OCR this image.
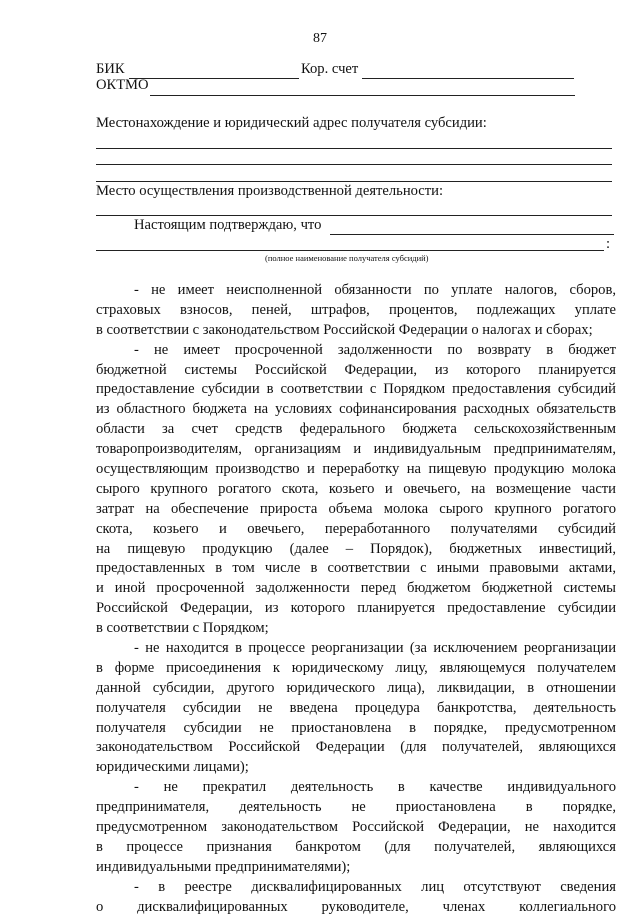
87
БИК	Кор. счет
ОКТМО
Местонахождение и юридический адрес получателя субсидии:
Место осуществления производственной деятельности:
Настоящим подтверждаю, что
:
(полное наименование получателя субсидий)
- не имеет неисполненной обязанности по уплате налогов, сборов,
страховых взносов, пеней, штрафов, процентов, подлежащих уплате
в соответствии с законодательством Российской Федерации о налогах и сборах;
- не имеет просроченной задолженности по возврату в бюджет
бюджетной системы Российской Федерации, из которого планируется
предоставление субсидии в соответствии с Порядком предоставления субсидий
из областного бюджета на условиях софинансирования расходных обязательств
области за счет средств федерального бюджета сельскохозяйственным
товаропроизводителям, организациям и индивидуальным предпринимателям,
осуществляющим производство и переработку на пищевую продукцию молока
сырого крупного рогатого скота, козьего и овечьего, на возмещение части
затрат на обеспечение прироста объема молока сырого крупного рогатого
скота, козьего и овечьего, переработанного получателями субсидий
на пищевую продукцию (далее – Порядок), бюджетных инвестиций,
предоставленных в том числе в соответствии с иными правовыми актами,
и иной просроченной задолженности перед бюджетом бюджетной системы
Российской Федерации, из которого планируется предоставление субсидии
в соответствии с Порядком;
- не находится в процессе реорганизации (за исключением реорганизации
в форме присоединения к юридическому лицу, являющемуся получателем
данной субсидии, другого юридического лица), ликвидации, в отношении
получателя субсидии не введена процедура банкротства, деятельность
получателя субсидии не приостановлена в порядке, предусмотренном
законодательством Российской Федерации (для получателей, являющихся
юридическими лицами);
- не прекратил деятельность в качестве индивидуального
предпринимателя, деятельность не приостановлена в порядке,
предусмотренном законодательством Российской Федерации, не находится
в процессе признания банкротом (для получателей, являющихся
индивидуальными предпринимателями);
- в реестре дисквалифицированных лиц отсутствуют сведения
о дисквалифицированных руководителе, членах коллегиального
